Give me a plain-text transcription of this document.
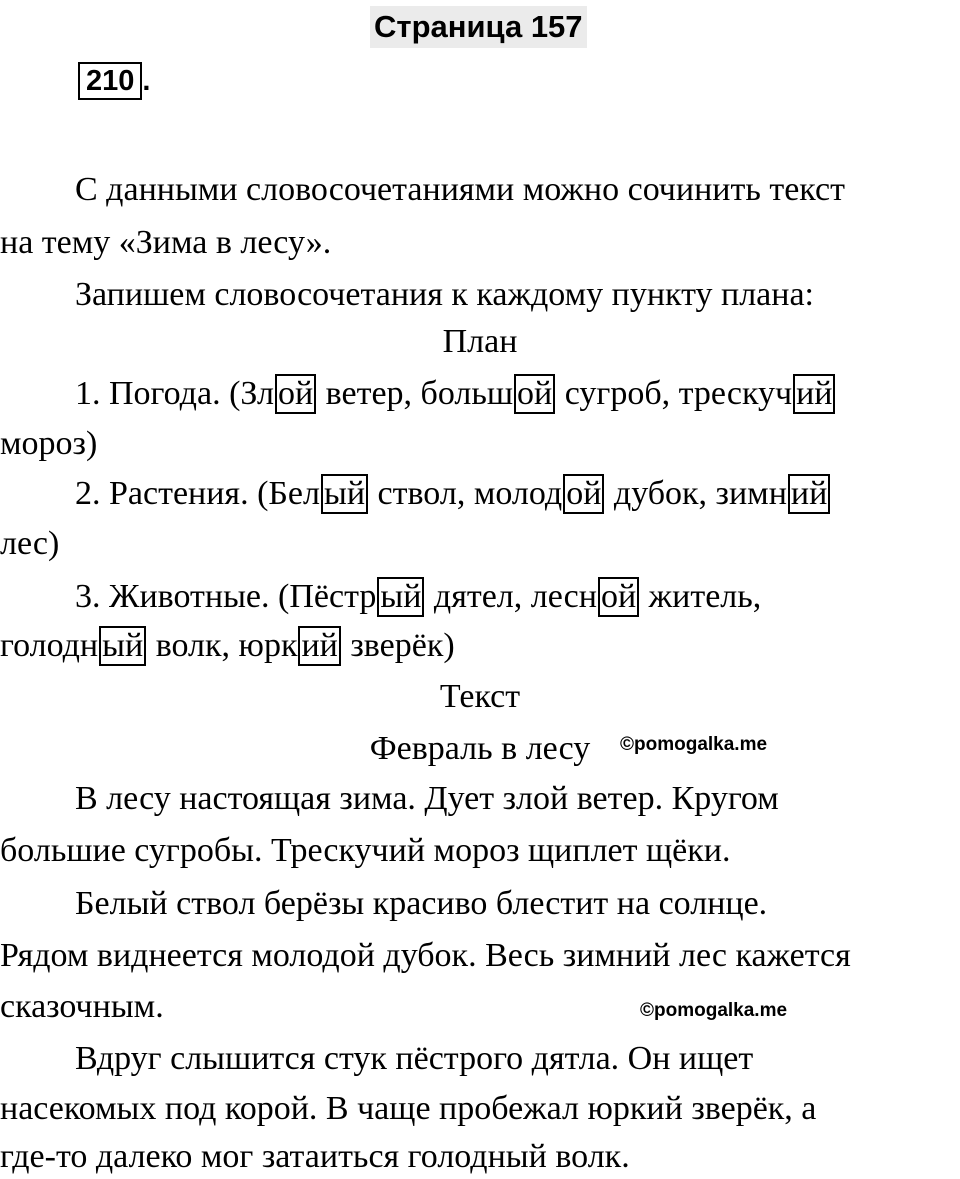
Страница 157
210 .
С данными словосочетаниями можно сочинить текст
на тему «Зима в лесу».
Запишем словосочетания к каждому пункту плана:
План
1. Погода. (Зл ой ветер, больш ой сугроб, трескуч ий
мороз)
2. Растения. (Бел ый ствол, молод ой дубок, зимн ий
лес)
3. Животные. (Пёстр ый дятел, лесн ой житель,
голодн ый волк, юрк ий зверёк)
Текст
Февраль в лесу	©pomogalka.me
В лесу настоящая зима. Дует злой ветер. Кругом
большие сугробы. Трескучий мороз щиплет щёки.
Белый ствол берёзы красиво блестит на солнце.
Рядом виднеется молодой дубок. Весь зимний лес кажется
сказочным.	©pomogalka.me
Вдруг слышится стук пёстрого дятла. Он ищет
насекомых под корой. В чаще пробежал юркий зверёк, а
где-то далеко мог затаиться голодный волк.
